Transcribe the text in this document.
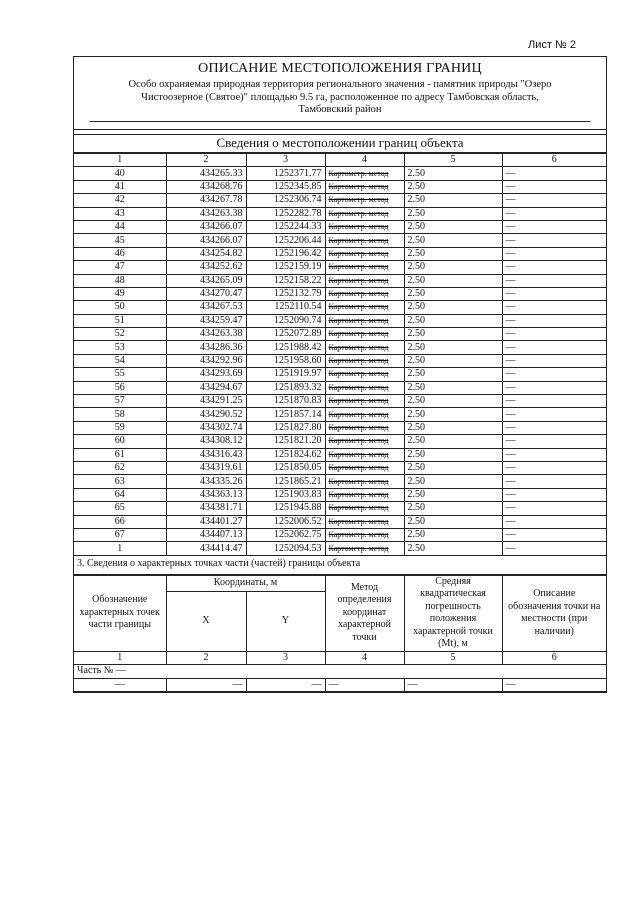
Лист № 2
ОПИСАНИЕ МЕСТОПОЛОЖЕНИЯ ГРАНИЦ
Особо охраняемая природная территория регионального значения - памятник природы "Озеро
Чистоозерное (Святое)" площадью 9.5 га, расположенное по адресу Тамбовская область,
Тамбовский район
Сведения о местоположении границ объекта
1	2	3	4	5	6
40	434265.33	1252371.77	Картометр. метод	2.50	—
41	434268.76	1252345.85	Картометр. метод	2.50	—
42	434267.78	1252306.74	Картометр. метод	2.50	—
43	434263.38	1252282.78	Картометр. метод	2.50	—
44	434266.07	1252244.33	Картометр. метод	2.50	—
45	434266.07	1252206.44	Картометр. метод	2.50	—
46	434254.82	1252196.42	Картометр. метод	2.50	—
47	434252.62	1252159.19	Картометр. метод	2.50	—
48	434265.09	1252158.22	Картометр. метод	2.50	—
49	434270.47	1252132.79	Картометр. метод	2.50	—
50	434267.53	1252110.54	Картометр. метод	2.50	—
51	434259.47	1252090.74	Картометр. метод	2.50	—
52	434263.38	1252072.89	Картометр. метод	2.50	—
53	434286.36	1251988.42	Картометр. метод	2.50	—
54	434292.96	1251958.60	Картометр. метод	2.50	—
55	434293.69	1251919.97	Картометр. метод	2.50	—
56	434294.67	1251893.32	Картометр. метод	2.50	—
57	434291.25	1251870.83	Картометр. метод	2.50	—
58	434290.52	1251857.14	Картометр. метод	2.50	—
59	434302.74	1251827.80	Картометр. метод	2.50	—
60	434308.12	1251821.20	Картометр. метод	2.50	—
61	434316.43	1251824.62	Картометр. метод	2.50	—
62	434319.61	1251850.05	Картометр. метод	2.50	—
63	434335.26	1251865.21	Картометр. метод	2.50	—
64	434363.13	1251903.83	Картометр. метод	2.50	—
65	434381.71	1251945.88	Картометр. метод	2.50	—
66	434401.27	1252006.52	Картометр. метод	2.50	—
67	434407.13	1252062.75	Картометр. метод	2.50	—
1	434414.47	1252094.53	Картометр. метод	2.50	—
3. Сведения о характерных точках части (частей) границы объекта
Обозначение характерных точек части границы	Координаты, м		Метод определения координат характерной точки	Средняя квадратическая погрешность положения характерной точки (Mt), м	Описание обозначения точки на местности (при наличии)
	X	Y			
1	2	3	4	5	6
Часть № —					
—	—	—	—	—	—
